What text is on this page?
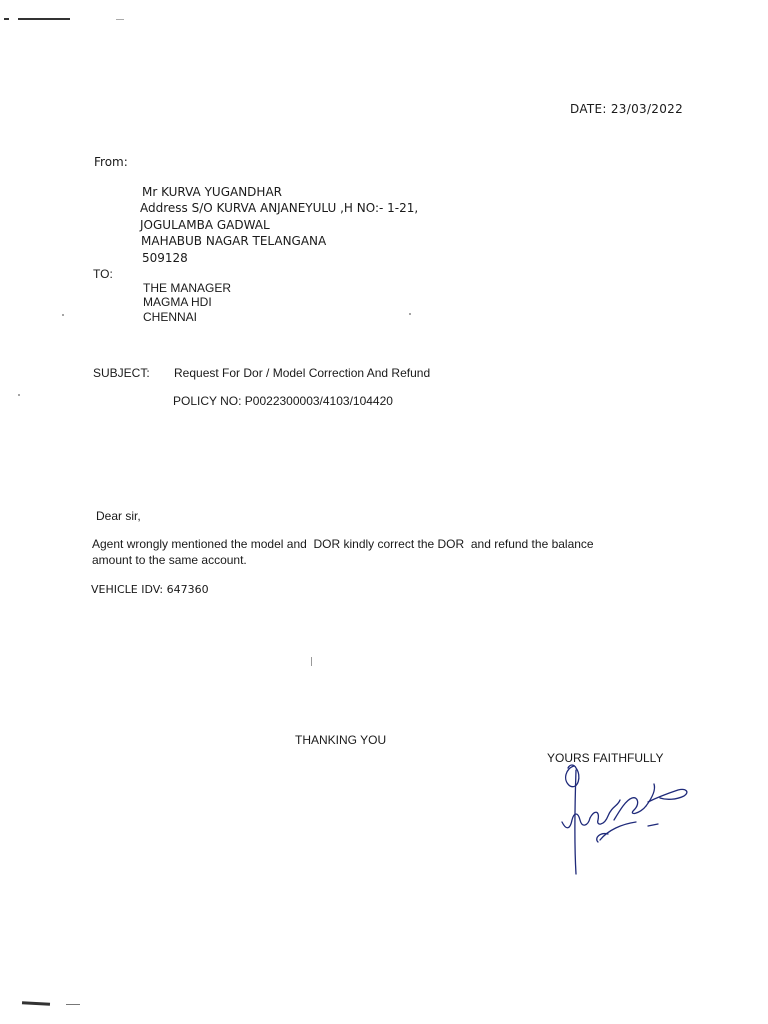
DATE: 23/03/2022
From:
Mr KURVA YUGANDHAR
Address S/O KURVA ANJANEYULU ,H NO:- 1-21,
JOGULAMBA GADWAL
MAHABUB NAGAR TELANGANA
509128
TO:
THE MANAGER
MAGMA HDI
CHENNAI
SUBJECT: Request For Dor / Model Correction And Refund
POLICY NO: P0022300003/4103/104420
Dear sir,
Agent wrongly mentioned the model and  DOR kindly correct the DOR  and refund the balance
amount to the same account.
VEHICLE IDV: 647360
THANKING YOU
YOURS FAITHFULLY
